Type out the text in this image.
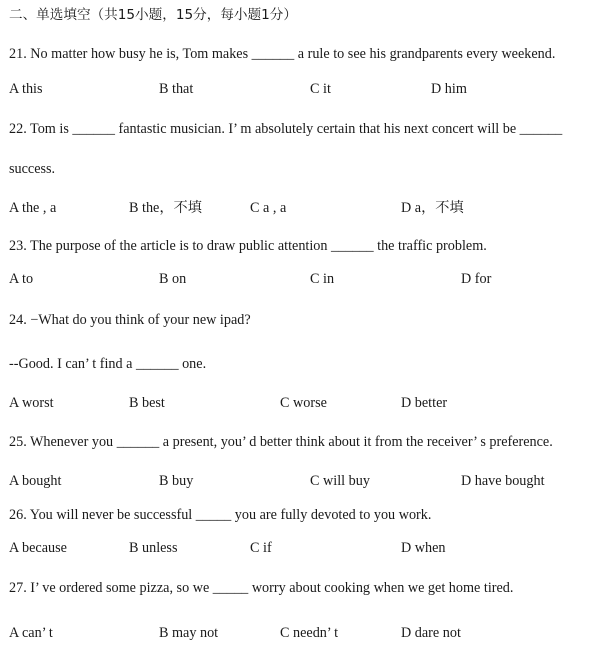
二、单选填空（共15小题，15分，每小题1分）
21. No matter how busy he is, Tom makes ______ a rule to see his grandparents every weekend.
A this	B that	C it	D him
22. Tom is ______ fantastic musician. I’ m absolutely certain that his next concert will be ______
success.
A the , a	B the，不填	C a , a	D a，不填
23. The purpose of the article is to draw public attention ______ the traffic problem.
A to	B on	C in	D for
24. −What do you think of your new ipad?
--Good. I can’ t find a ______ one.
A worst	B best	C worse	D better
25. Whenever you ______ a present, you’ d better think about it from the receiver’ s preference.
A bought	B buy	C will buy	D have bought
26. You will never be successful _____ you are fully devoted to you work.
A because	B unless	C if	D when
27. I’ ve ordered some pizza, so we _____ worry about cooking when we get home tired.
A can’ t	B may not	C needn’ t	D dare not
